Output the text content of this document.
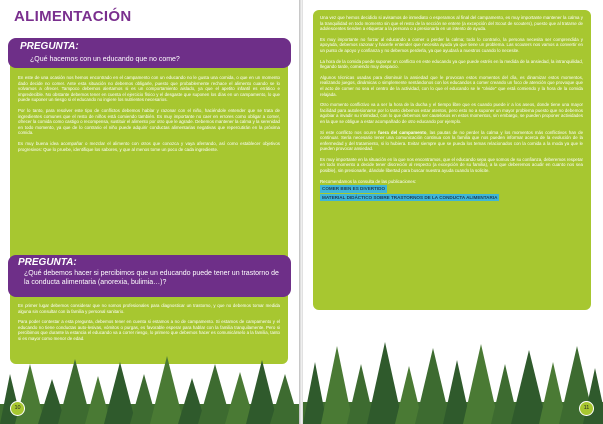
ALIMENTACIÓN
PREGUNTA:
¿Qué hacemos con un educando que no come?

En este de una ocasión nos hemos encontrado en el campamento con un educando no le gusta una comida, o que en un momento dado decide no comer. Ante esta situación no debemos obligarle, puesto que probablemente rechace el alimento cuando se lo volvamos a ofrecer. Tampoco debemos alertarnos si es un comportamiento aislado, ya que el apetito infantil es errático e impredecible. No obstante debemos tener en cuenta el ejercicio físico y el desgaste que suponen los días en un campamento, lo que puede suponer un riesgo si el educando no ingiere los nutrientes necesarios.

Por lo tanto, para resolver este tipo de conflictos debemos hablar y razonar con el niño, haciéndole entender que se trata de ingredientes comunes que el resto de niños está comiendo también. Es muy importante no caer en errores como obligar a comer, ofrecer la comida como castigo o recompensa, sustituir el alimento por otro que le agrade. Debemos mantener la calma y la serenidad en todo momento, ya que de lo contrario el niño puede adquirir conductas alimentarias negativas que repercutirán en la próxima comida.

Es muy buena idea acompañar o mezclar el alimento con otros que conozca y vaya aferrando, así como establecer objetivos progresivos: Que lo pruebe, identifique los sabores, y que al menos tome un poco de cada ingrediente.

PREGUNTA:
¿Qué debemos hacer si percibimos que un educando puede tener un trastorno de la conducta alimentaria (anorexia, bulimia…)?

En primer lugar debemos considerar que no somos profesionales para diagnosticar un trastorno, y que no debemos tomar medida alguna sin consultar con la familia y personal sanitario.

Para poder contestar a esta pregunta, debemos tener en cuenta si estamos a no de campamento. Si estamos de campamento y el educando no tiene conductas auto-lesivas, vómitos o purgas, es favorable esperar para hablar con la familia tranquilamente. Pero si percibimos que durante la estancia el educando va a correr riesgo, lo primero que debemos hacer es comunicárselo a la familia, tanto si es mayor como menor de edad.

10

Una vez que hemos decidido si avisamos de inmediato o esperamos al final del campamento, es muy importante mantener la calma y la tranquilidad en todo momento sin que el resto de la sección se entere (a excepción del Scout de scouters), puesto que al tratarse de adolescentes tienden a etiquetar a la persona o a presionarla en un intento de ayuda.

Es muy importante no forzar al educando a comer o perder la calma; todo lo contrario, la persona necesita ser comprendida y apoyada, debemos razonar y hacerle entender que necesita ayuda ya que tiene un problema. Las scouters nos vamos a convertir en un punto de apoyo y confianza y no debemos perderla, ya que ayudará a nuestros cuando lo necesite.

La hora de la comida puede suponer un conflicto en este educando ya que puede estrés en la medida de la ansiedad, la intranquilidad, llegando tarde, comiendo muy despacio.

Algunos técnicas usadas para disminuir la ansiedad que le provocan estos momentos del día, es dinamizar estos momentos, realizando juegos, dinámicas o simplemente sentándonos con los educandos a comer creando un foco de atención que provoque que el acto de comer no sea el centro de la actividad, con lo que el educando se le "olvide" que está comiendo y la hora de la comida relajada.

Otro momento conflictivo va a ser la hora de la ducha y el tiempo libre que es cuando puede ir a los aseos, donde tiene una mayor facilidad para autolesionarse por lo tanto debemos estar atentos, pero esto no a suponer un mayor problema puesto que no debemos agobiar a invadir su intimidad, con lo que debemos ser cautelosos en estos momentos, sin embargo, se pueden proponer actividades en la que se obligue a estar acompañado de otro educando por ejemplo.

Si este conflicto nos ocurre fuera del campamento, las pautas de no perder la calma y los momentos más conflictivos han de continuar. Sería necesario tener una comunicación continua con la familia que nos pueden informar acerca de la evolución de la enfermedad y del tratamiento, si lo hubiera. Evitar siempre que se pueda los temas relacionados con la comida a la moda ya que le pueden provocar ansiedad.

Es muy importante en la situación en la que nos encontramos, que el educando sepa que somos de su confianza, deberemos respetar en todo momento a decide tener discreción al respecto (a excepción de su familia), a la que deberemos acudir en cuanto nos sea posible), sin presionarle, dándole libertad para buscar nuestra ayuda cuando la solicite.

Recomendamos la consulta de las publicaciones:

COMER BIEN ES DIVERTIDO
MATERIAL DIDÁCTICO SOBRE TRASTORNOS DE LA CONDUCTA ALIMENTARIA
11
